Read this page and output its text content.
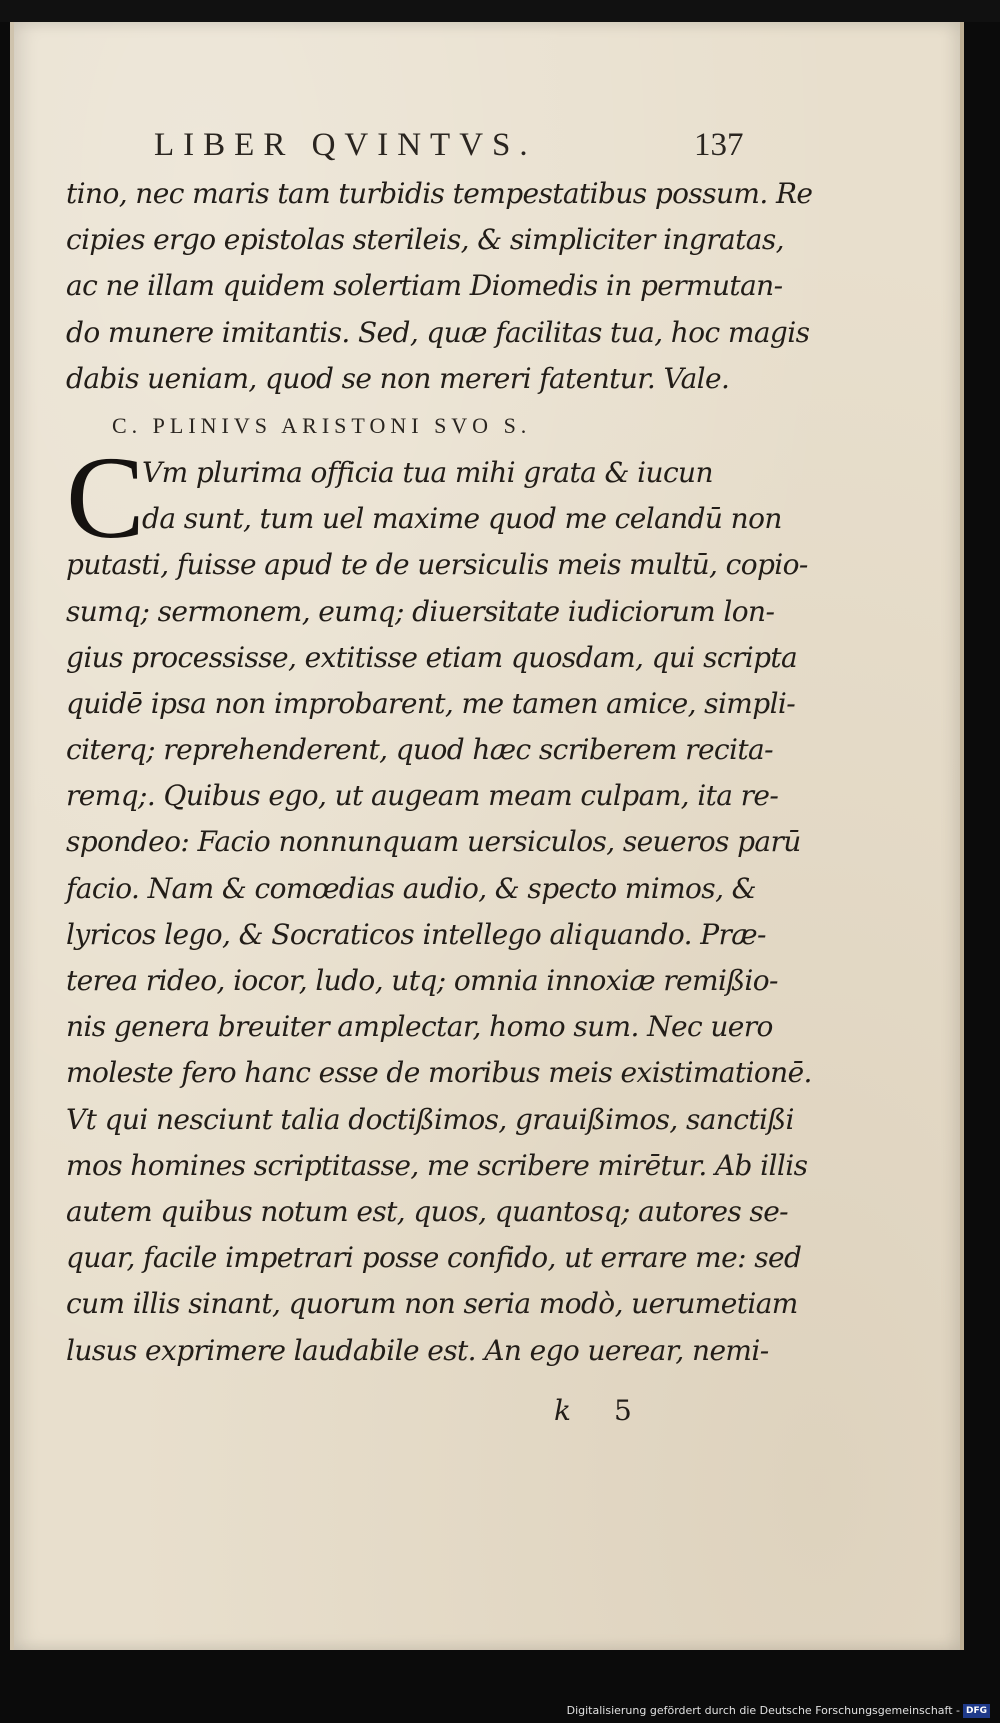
LIBER QVINTVS.	137
tino, nec maris tam turbidis tempestatibus possum. Re
cipies ergo epistolas sterileis, & simpliciter ingratas,
ac ne illam quidem solertiam Diomedis in permutan-
do munere imitantis. Sed, quæ facilitas tua, hoc magis
dabis ueniam, quod se non mereri fatentur. Vale.
C. PLINIVS ARISTONI SVO S.
C
Vm plurima officia tua mihi grata & iucun
da sunt, tum uel maxime quod me celandū non
putasti, fuisse apud te de uersiculis meis multū, copio-
sumq; sermonem, eumq; diuersitate iudiciorum lon-
gius processisse, extitisse etiam quosdam, qui scripta
quidē ipsa non improbarent, me tamen amice, simpli-
citerq; reprehenderent, quod hæc scriberem recita-
remq;. Quibus ego, ut augeam meam culpam, ita re-
spondeo: Facio nonnunquam uersiculos, seueros parū
facio. Nam & comœdias audio, & specto mimos, &
lyricos lego, & Socraticos intellego aliquando. Præ-
terea rideo, iocor, ludo, utq; omnia innoxiæ remißio-
nis genera breuiter amplectar, homo sum. Nec uero
moleste fero hanc esse de moribus meis existimationē.
Vt qui nesciunt talia doctißimos, grauißimos, sanctißi
mos homines scriptitasse, me scribere mirētur. Ab illis
autem quibus notum est, quos, quantosq; autores se-
quar, facile impetrari posse confido, ut errare me: sed
cum illis sinant, quorum non seria modò, uerumetiam
lusus exprimere laudabile est. An ego uerear, nemi-
k 5
Digitalisierung gefördert durch die Deutsche Forschungsgemeinschaft - DFG
